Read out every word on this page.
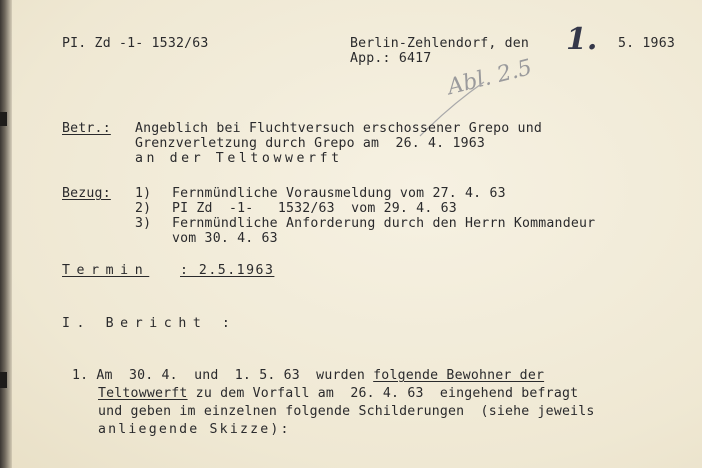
PI. Zd -1- 1532/63	Berlin-Zehlendorf, den 1. 5. 1963
App.: 6417 Abl. 2.5
Betr.: Angeblich bei Fluchtversuch erschossener Grepo und
Grenzverletzung durch Grepo am  26. 4. 1963
an der Teltowwerft
Bezug: 1) Fernmündliche Vorausmeldung vom 27. 4. 63
2) PI Zd  -1-   1532/63  vom 29. 4. 63
3) Fernmündliche Anforderung durch den Herrn Kommandeur
vom 30. 4. 63
Termin : 2.5.1963
I. Bericht :
1. Am  30. 4.  und  1. 5. 63  wurden folgende Bewohner der
Teltowwerft zu dem Vorfall am  26. 4. 63  eingehend befragt
und geben im einzelnen folgende Schilderungen  (siehe jeweils
anliegende Skizze):
